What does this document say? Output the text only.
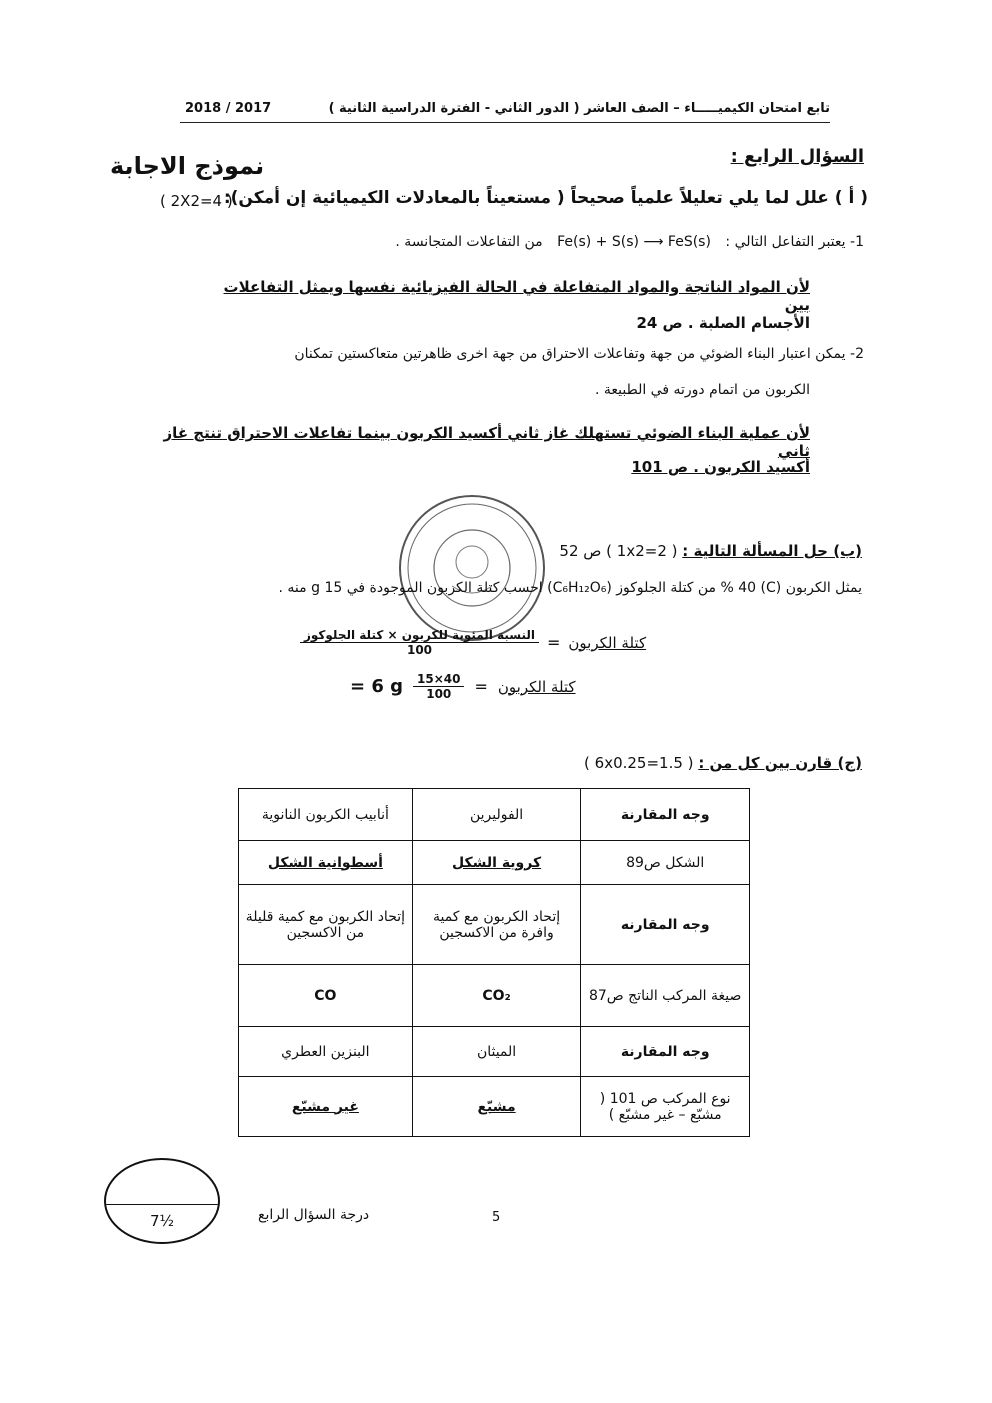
تابع امتحان الكيميـــــاء – الصف العاشر ( الدور الثاني - الفترة الدراسية الثانية )
2018 / 2017
السؤال الرابع :
نموذج الاجابة
( أ ) علل لما يلي تعليلاً علمياً صحيحاً ( مستعيناً بالمعادلات الكيميائية إن أمكن):
( 2X2=4 )
1- يعتبر التفاعل التالي : Fe(s) + S(s) ⟶ FeS(s) من التفاعلات المتجانسة .
لأن المواد الناتجة والمواد المتفاعلة في الحالة الفيزيائية نفسها ويمثل التفاعلات بين
الأجسام الصلبة . ص 24
2- يمكن اعتبار البناء الضوئي من جهة وتفاعلات الاحتراق من جهة اخرى ظاهرتين متعاكستين تمكنان
الكربون من اتمام دورته في الطبيعة .
لأن عملية البناء الضوئي تستهلك غاز ثاني أكسيد الكربون بينما تفاعلات الاحتراق تنتج غاز ثاني
أكسيد الكربون . ص 101
(ب) حل المسألة التالية : ( 1x2=2 ) ص 52
يمثل الكربون (C) 40 % من كتلة الجلوكوز (C₆H₁₂O₆) احسب كتلة الكربون الموجودة في 15 g منه .
$\frac{\text{النسبة المئوية للكربون × كتلة الجلوكوز}}{100}$ = كتلة الكربون
= 6 g $\frac{15\times 40}{100}$ = كتلة الكربون
(ج) قارن بين كل من : ( 6x0.25=1.5 )
وجه المقارنة	الفوليرين	أنابيب الكربون النانوية
الشكل ص89	كروية الشكل	أسطوانية الشكل
وجه المقارنه	إتحاد الكربون مع كمية وافرة من الاكسجين	إتحاد الكربون مع كمية قليلة من الاكسجين
صيغة المركب الناتج ص87	CO₂	CO
وجه المقارنة	الميثان	البنزين العطري
نوع المركب ص 101 ( مشبّع – غير مشبّع )	مشبّع	غير مشبّع
7½	درجة السؤال الرابع	5
